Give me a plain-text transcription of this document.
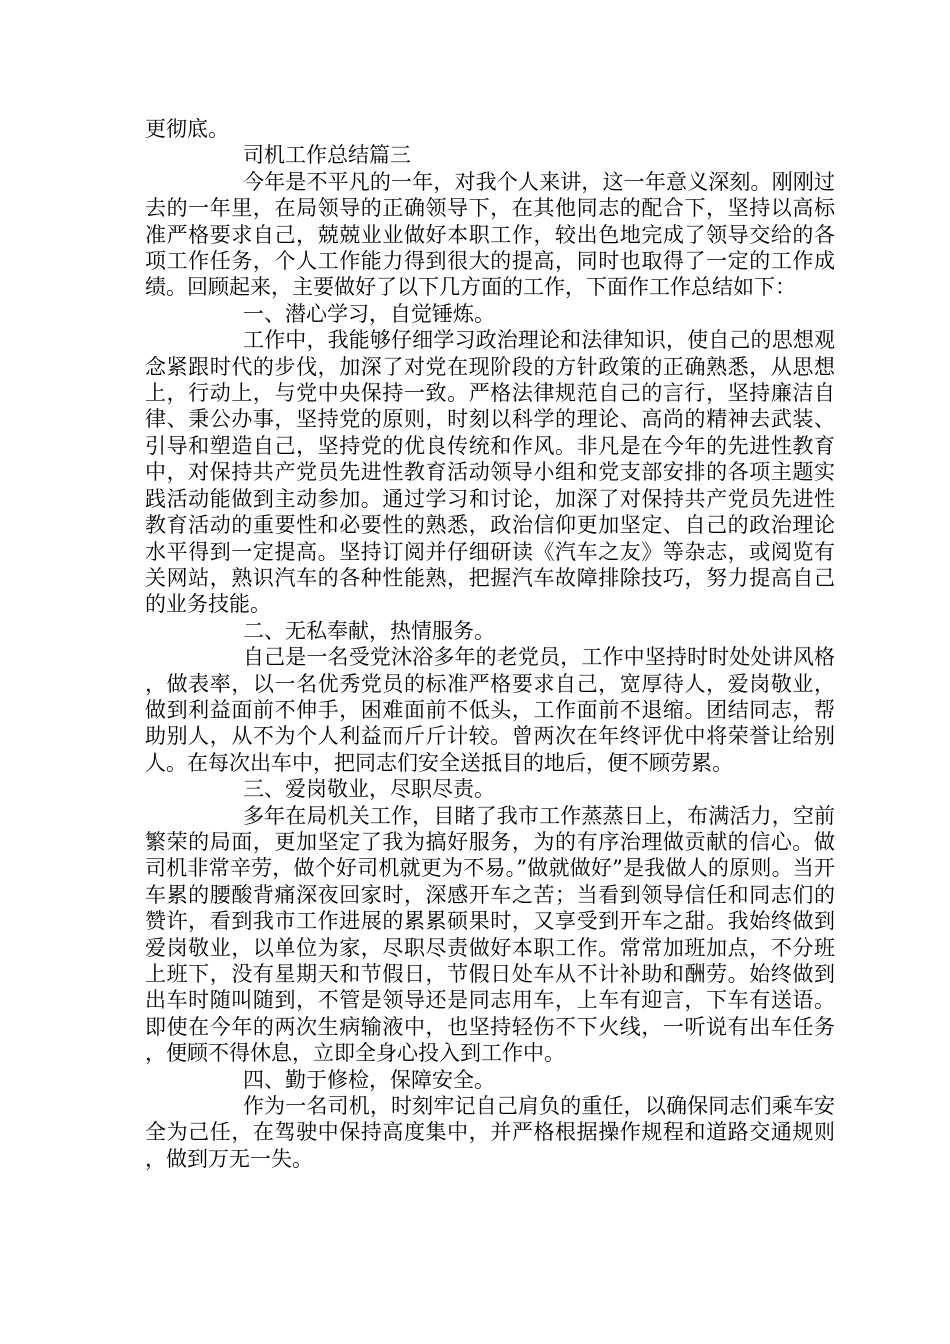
更彻底。

司机工作总结篇三

今年是不平凡的一年，对我个人来讲，这一年意义深刻。刚刚过去的一年里，在局领导的正确领导下，在其他同志的配合下，坚持以高标准严格要求自己，兢兢业业做好本职工作，较出色地完成了领导交给的各项工作任务，个人工作能力得到很大的提高，同时也取得了一定的工作成绩。回顾起来，主要做好了以下几方面的工作，下面作工作总结如下：

一、潜心学习，自觉锤炼。

工作中，我能够仔细学习政治理论和法律知识，使自己的思想观念紧跟时代的步伐，加深了对党在现阶段的方针政策的正确熟悉，从思想上，行动上，与党中央保持一致。严格法律规范自己的言行，坚持廉洁自律、秉公办事，坚持党的原则，时刻以科学的理论、高尚的精神去武装、引导和塑造自己，坚持党的优良传统和作风。非凡是在今年的先进性教育中，对保持共产党员先进性教育活动领导小组和党支部安排的各项主题实践活动能做到主动参加。通过学习和讨论，加深了对保持共产党员先进性教育活动的重要性和必要性的熟悉，政治信仰更加坚定、自己的政治理论水平得到一定提高。坚持订阅并仔细研读《汽车之友》等杂志，或阅览有关网站，熟识汽车的各种性能熟，把握汽车故障排除技巧，努力提高自己的业务技能。

二、无私奉献，热情服务。

自己是一名受党沐浴多年的老党员，工作中坚持时时处处讲风格，做表率，以一名优秀党员的标准严格要求自己，宽厚待人，爱岗敬业，做到利益面前不伸手，困难面前不低头，工作面前不退缩。团结同志，帮助别人，从不为个人利益而斤斤计较。曾两次在年终评优中将荣誉让给别人。在每次出车中，把同志们安全送抵目的地后，便不顾劳累。

三、爱岗敬业，尽职尽责。

多年在局机关工作，目睹了我市工作蒸蒸日上，布满活力，空前繁荣的局面，更加坚定了我为搞好服务，为的有序治理做贡献的信心。做司机非常辛劳，做个好司机就更为不易。”做就做好”是我做人的原则。当开车累的腰酸背痛深夜回家时，深感开车之苦；当看到领导信任和同志们的赞许，看到我市工作进展的累累硕果时，又享受到开车之甜。我始终做到爱岗敬业，以单位为家，尽职尽责做好本职工作。常常加班加点，不分班上班下，没有星期天和节假日，节假日处车从不计补助和酬劳。始终做到出车时随叫随到，不管是领导还是同志用车，上车有迎言，下车有送语。即使在今年的两次生病输液中，也坚持轻伤不下火线，一听说有出车任务，便顾不得休息，立即全身心投入到工作中。

四、勤于修检，保障安全。

作为一名司机，时刻牢记自己肩负的重任，以确保同志们乘车安全为己任，在驾驶中保持高度集中，并严格根据操作规程和道路交通规则，做到万无一失。
